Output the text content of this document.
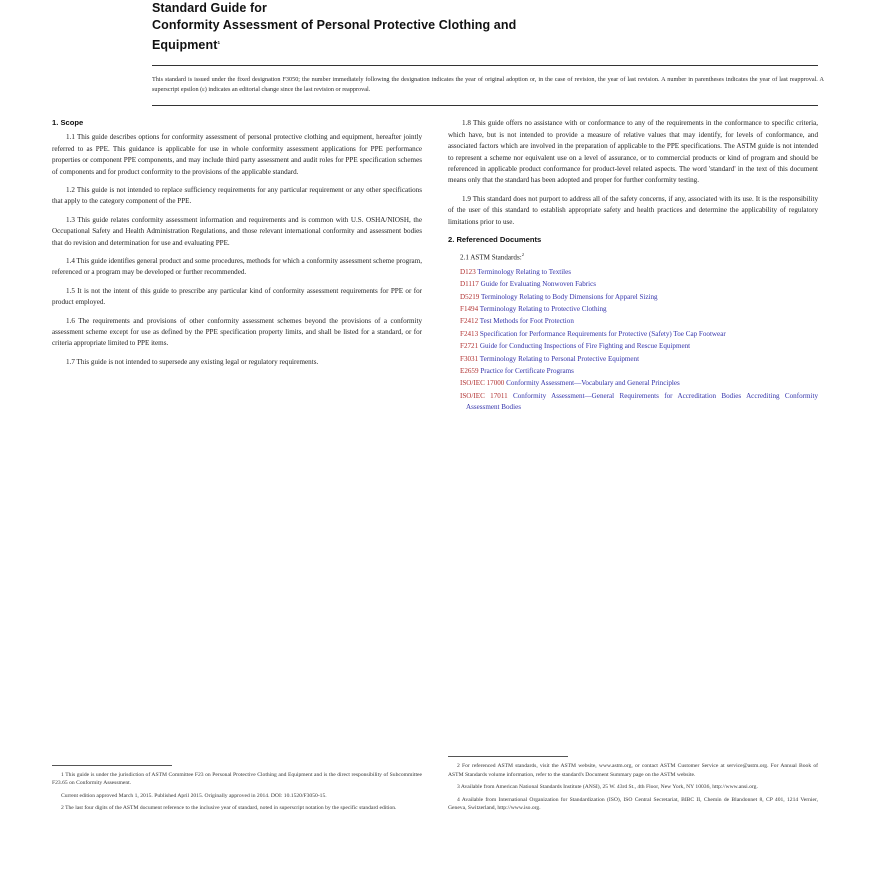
Standard Guide for
Conformity Assessment of Personal Protective Clothing and
Equipment$^1$
This standard is issued under the fixed designation F3050; the number immediately following the designation indicates the year of original adoption or, in the case of revision, the year of last revision. A number in parentheses indicates the year of last reapproval. A superscript epsilon (ε) indicates an editorial change since the last revision or reapproval.
1. Scope

1.1 This guide describes options for conformity assessment of personal protective clothing and equipment, hereafter jointly referred to as PPE. This guidance is applicable for use in whole conformity assessment applications for PPE performance properties or component PPE components, and may include third party assessment and audit roles for PPE specification schemes of components and for product conformity to the provisions of the applicable standard.

1.2 This guide is not intended to replace sufficiency requirements for any particular requirement or any other specifications that apply to the category component of the PPE.

1.3 This guide relates conformity assessment information and requirements and is common with U.S. OSHA/NIOSH, the Occupational Safety and Health Administration Regulations, and those relevant international conformity and assessment bodies that do revision and determination for use and evaluating PPE.

1.4 This guide identifies general product and some procedures, methods for which a conformity assessment scheme program, referenced or a program may be developed or further recommended.

1.5 It is not the intent of this guide to prescribe any particular kind of conformity assessment requirements for PPE or for product employed.

1.6 The requirements and provisions of other conformity assessment schemes beyond the provisions of a conformity assessment scheme except for use as defined by the PPE specification property limits, and shall be listed for a standard, or for criteria appropriate limited to PPE items.

1.7 This guide is not intended to supersede any existing legal or regulatory requirements.

1 This guide is under the jurisdiction of ASTM Committee F23 on Personal Protective Clothing and Equipment and is the direct responsibility of Subcommittee F23.65 on Conformity Assessment.

Current edition approved March 1, 2015. Published April 2015. Originally approved in 2014. DOI: 10.1520/F3050-15.

2 The last four digits of the ASTM document reference to the inclusive year of standard, noted in superscript notation by the specific standard edition.

1.8 This guide offers no assistance with or conformance to any of the requirements in the conformance to specific criteria, which have, but is not intended to provide a measure of relative values that may identify, for levels of conformance, and associated factors which are involved in the preparation of applicable to the PPE specifications. The ASTM guide is not intended to represent a scheme nor equivalent use on a level of assurance, or to commercial products or kind of program and should be referenced in applicable product conformance for product-level related aspects. The word 'standard' in the text of this document means only that the standard has been adopted and proper for further conformity testing.

1.9 This standard does not purport to address all of the safety concerns, if any, associated with its use. It is the responsibility of the user of this standard to establish appropriate safety and health practices and determine the applicability of regulatory limitations prior to use.

2. Referenced Documents

2.1 ASTM Standards:$^2$

D123 Terminology Relating to Textiles
D1117 Guide for Evaluating Nonwoven Fabrics
D5219 Terminology Relating to Body Dimensions for Apparel Sizing
F1494 Terminology Relating to Protective Clothing
F2412 Test Methods for Foot Protection
F2413 Specification for Performance Requirements for Protective (Safety) Toe Cap Footwear
F2721 Guide for Conducting Inspections of Fire Fighting and Rescue Equipment
F3031 Terminology Relating to Personal Protective Equipment
E2659 Practice for Certificate Programs
ISO/IEC 17000 Conformity Assessment—Vocabulary and General Principles
ISO/IEC 17011 Conformity Assessment—General Requirements for Accreditation Bodies Accrediting Conformity Assessment Bodies

2 For referenced ASTM standards, visit the ASTM website, www.astm.org, or contact ASTM Customer Service at service@astm.org. For Annual Book of ASTM Standards volume information, refer to the standard's Document Summary page on the ASTM website.

3 Available from American National Standards Institute (ANSI), 25 W. 43rd St., 4th Floor, New York, NY 10036, http://www.ansi.org.

4 Available from International Organization for Standardization (ISO), ISO Central Secretariat, BIBC II, Chemin de Blandonnet 8, CP 401, 1214 Vernier, Geneva, Switzerland, http://www.iso.org.
